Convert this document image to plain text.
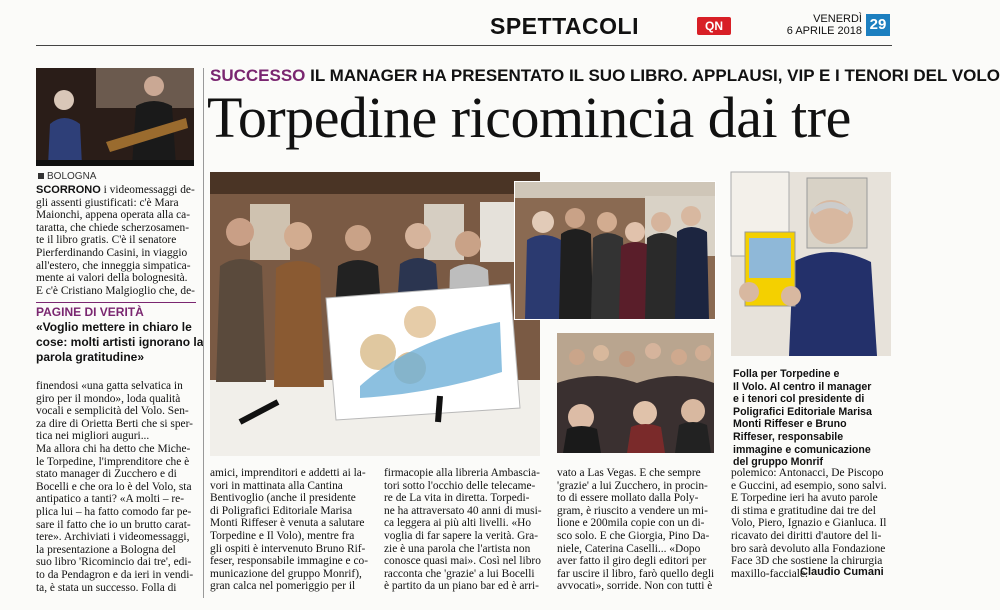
SPETTACOLI	QN	VENERDÌ
6 APRILE 2018 29
BOLOGNA
SUCCESSO IL MANAGER HA PRESENTATO IL SUO LIBRO. APPLAUSI, VIP E I TENORI DEL VOLO
Torpedine ricomincia dai tre
SCORRONO i videomessaggi de-
gli assenti giustificati: c'è Mara
Maionchi, appena operata alla ca-
taratta, che chiede scherzosamen-
te il libro gratis. C'è il senatore
Pierferdinando Casini, in viaggio
all'estero, che inneggia simpatica-
mente ai valori della bolognesità.
E c'è Cristiano Malgioglio che, de-
PAGINE DI VERITÀ
«Voglio mettere in chiaro le cose: molti artisti ignorano la parola gratitudine»
finendosi «una gatta selvatica in
giro per il mondo», loda qualità
vocali e semplicità del Volo. Sen-
za dire di Orietta Berti che si sper-
tica nei migliori auguri...
Ma allora chi ha detto che Miche-
le Torpedine, l'imprenditore che è
stato manager di Zucchero e di
Bocelli e che ora lo è del Volo, sta
antipatico a tanti? «A molti – re-
plica lui – ha fatto comodo far pe-
sare il fatto che io un brutto carat-
tere». Archiviati i videomessaggi,
la presentazione a Bologna del
suo libro 'Ricomincio dai tre', edi-
to da Pendagron e da ieri in vendi-
ta, è stata un successo. Folla di
Folla per Torpedine e
Il Volo. Al centro il manager
e i tenori col presidente di
Poligrafici Editoriale Marisa
Monti Riffeser e Bruno
Riffeser, responsabile
immagine e comunicazione
del gruppo Monrif
amici, imprenditori e addetti ai la-
vori in mattinata alla Cantina
Bentivoglio (anche il presidente
di Poligrafici Editoriale Marisa
Monti Riffeser è venuta a salutare
Torpedine e Il Volo), mentre fra
gli ospiti è intervenuto Bruno Rif-
feser, responsabile immagine e co-
municazione del gruppo Monrif),
gran calca nel pomeriggio per il
firmacopie alla libreria Ambascia-
tori sotto l'occhio delle telecame-
re de La vita in diretta. Torpedi-
ne ha attraversato 40 anni di musi-
ca leggera ai più alti livelli. «Ho
voglia di far sapere la verità. Gra-
zie è una parola che l'artista non
conosce quasi mai». Così nel libro
racconta che 'grazie' a lui Bocelli
è partito da un piano bar ed è arri-
vato a Las Vegas. E che sempre
'grazie' a lui Zucchero, in procin-
to di essere mollato dalla Poly-
gram, è riuscito a vendere un mi-
lione e 200mila copie con un di-
sco solo. E che Giorgia, Pino Da-
niele, Caterina Caselli... «Dopo
aver fatto il giro degli editori per
far uscire il libro, farò quello degli
avvocati», sorride. Non con tutti è
polemico: Antonacci, De Piscopo
e Guccini, ad esempio, sono salvi.
E Torpedine ieri ha avuto parole
di stima e gratitudine dai tre del
Volo, Piero, Ignazio e Gianluca. Il
ricavato dei diritti d'autore del li-
bro sarà devoluto alla Fondazione
Face 3D che sostiene la chirurgia
maxillo-facciale.
Claudio Cumani
